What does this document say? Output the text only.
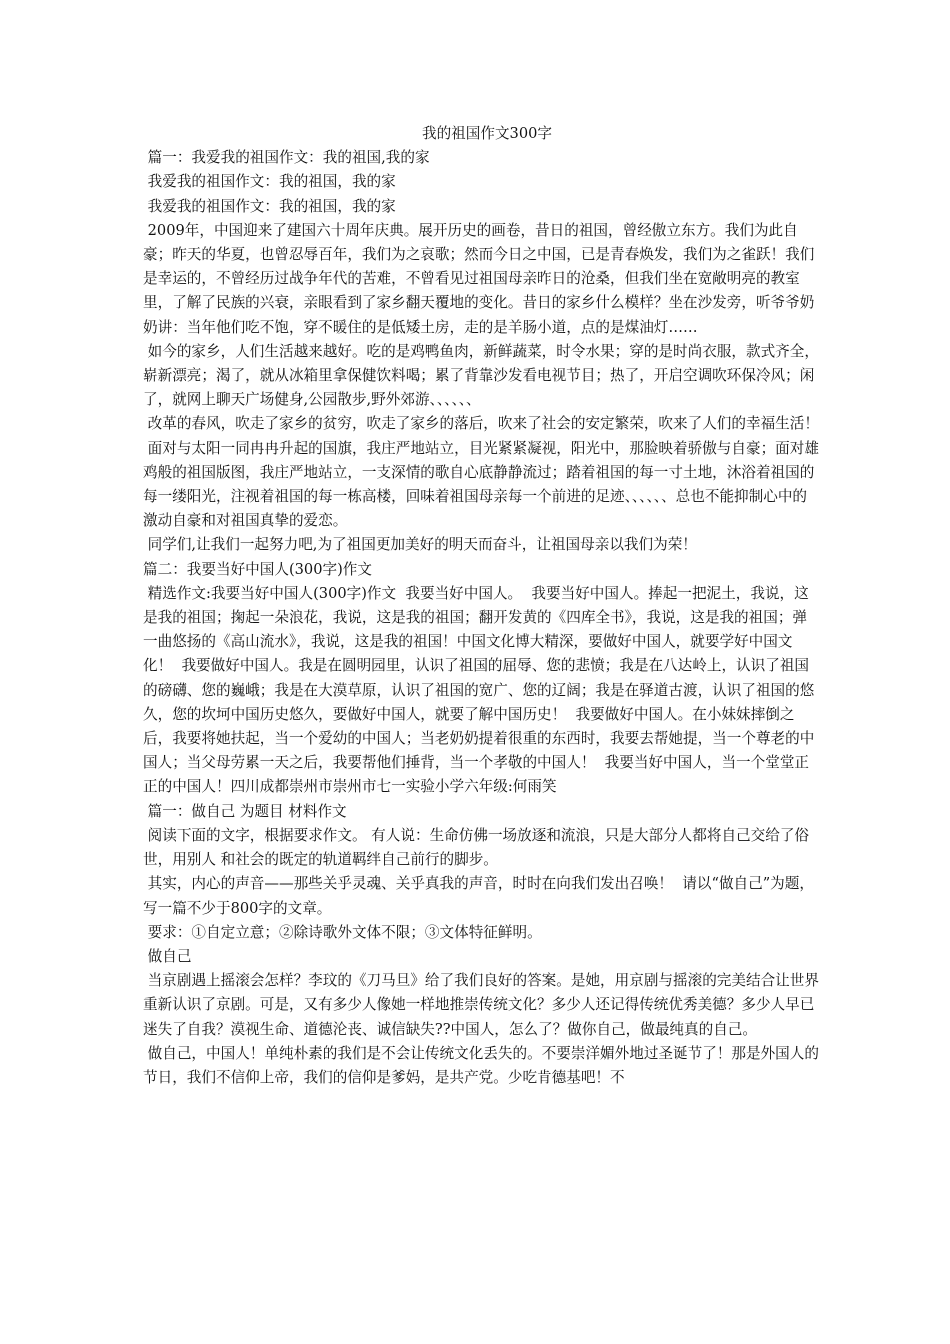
我的祖国作文300字

篇一：我爱我的祖国作文：我的祖国,我的家

我爱我的祖国作文：我的祖国，我的家

我爱我的祖国作文：我的祖国，我的家

2009年，中国迎来了建国六十周年庆典。展开历史的画卷，昔日的祖国，曾经傲立东方。我们为此自豪；昨天的华夏，也曾忍辱百年，我们为之哀歌；然而今日之中国，已是青春焕发，我们为之雀跃！我们是幸运的，不曾经历过战争年代的苦难，不曾看见过祖国母亲昨日的沧桑，但我们坐在宽敞明亮的教室里，了解了民族的兴衰，亲眼看到了家乡翻天覆地的变化。昔日的家乡什么模样？坐在沙发旁，听爷爷奶奶讲：当年他们吃不饱，穿不暖住的是低矮土房，走的是羊肠小道，点的是煤油灯……

如今的家乡，人们生活越来越好。吃的是鸡鸭鱼肉，新鲜蔬菜，时令水果；穿的是时尚衣服，款式齐全，崭新漂亮；渴了，就从冰箱里拿保健饮料喝；累了背靠沙发看电视节目；热了，开启空调吹环保冷风；闲了，就网上聊天广场健身,公园散步,野外郊游、、、、、、

改革的春风，吹走了家乡的贫穷，吹走了家乡的落后，吹来了社会的安定繁荣，吹来了人们的幸福生活！

面对与太阳一同冉冉升起的国旗，我庄严地站立，目光紧紧凝视，阳光中，那脸映着骄傲与自豪；面对雄鸡般的祖国版图，我庄严地站立，一支深情的歌自心底静静流过；踏着祖国的每一寸土地，沐浴着祖国的每一缕阳光，注视着祖国的每一栋高楼，回味着祖国母亲每一个前进的足迹、、、、、、总也不能抑制心中的激动自豪和对祖国真挚的爱恋。

同学们,让我们一起努力吧,为了祖国更加美好的明天而奋斗，让祖国母亲以我们为荣！

篇二：我要当好中国人(300字)作文

精选作文:我要当好中国人(300字)作文  我要当好中国人。  我要当好中国人。捧起一把泥土，我说，这是我的祖国；掬起一朵浪花，我说，这是我的祖国；翻开发黄的《四库全书》，我说，这是我的祖国；弹一曲悠扬的《高山流水》，我说，这是我的祖国！中国文化博大精深，要做好中国人，就要学好中国文化！  我要做好中国人。我是在圆明园里，认识了祖国的屈辱、您的悲愤；我是在八达岭上，认识了祖国的磅礴、您的巍峨；我是在大漠草原，认识了祖国的宽广、您的辽阔；我是在驿道古渡，认识了祖国的悠久，您的坎坷中国历史悠久，要做好中国人，就要了解中国历史！  我要做好中国人。在小妹妹摔倒之后，我要将她扶起，当一个爱幼的中国人；当老奶奶提着很重的东西时，我要去帮她提，当一个尊老的中国人；当父母劳累一天之后，我要帮他们捶背，当一个孝敬的中国人！  我要当好中国人，当一个堂堂正正的中国人！四川成都崇州市崇州市七一实验小学六年级:何雨笑

篇一：做自己 为题目 材料作文

阅读下面的文字，根据要求作文。 有人说：生命仿佛一场放逐和流浪，只是大部分人都将自己交给了俗世，用别人 和社会的既定的轨道羁绊自己前行的脚步。

其实，内心的声音——那些关乎灵魂、关乎真我的声音，时时在向我们发出召唤！  请以“做自己”为题，写一篇不少于800字的文章。

要求：①自定立意；②除诗歌外文体不限；③文体特征鲜明。

做自己

当京剧遇上摇滚会怎样？李玟的《刀马旦》给了我们良好的答案。是她，用京剧与摇滚的完美结合让世界重新认识了京剧。可是，又有多少人像她一样地推崇传统文化？多少人还记得传统优秀美德？多少人早已迷失了自我？漠视生命、道德沦丧、诚信缺失??中国人，怎么了？做你自己，做最纯真的自己。

做自己，中国人！单纯朴素的我们是不会让传统文化丢失的。不要崇洋媚外地过圣诞节了！那是外国人的节日，我们不信仰上帝，我们的信仰是爹妈，是共产党。少吃肯德基吧！不
